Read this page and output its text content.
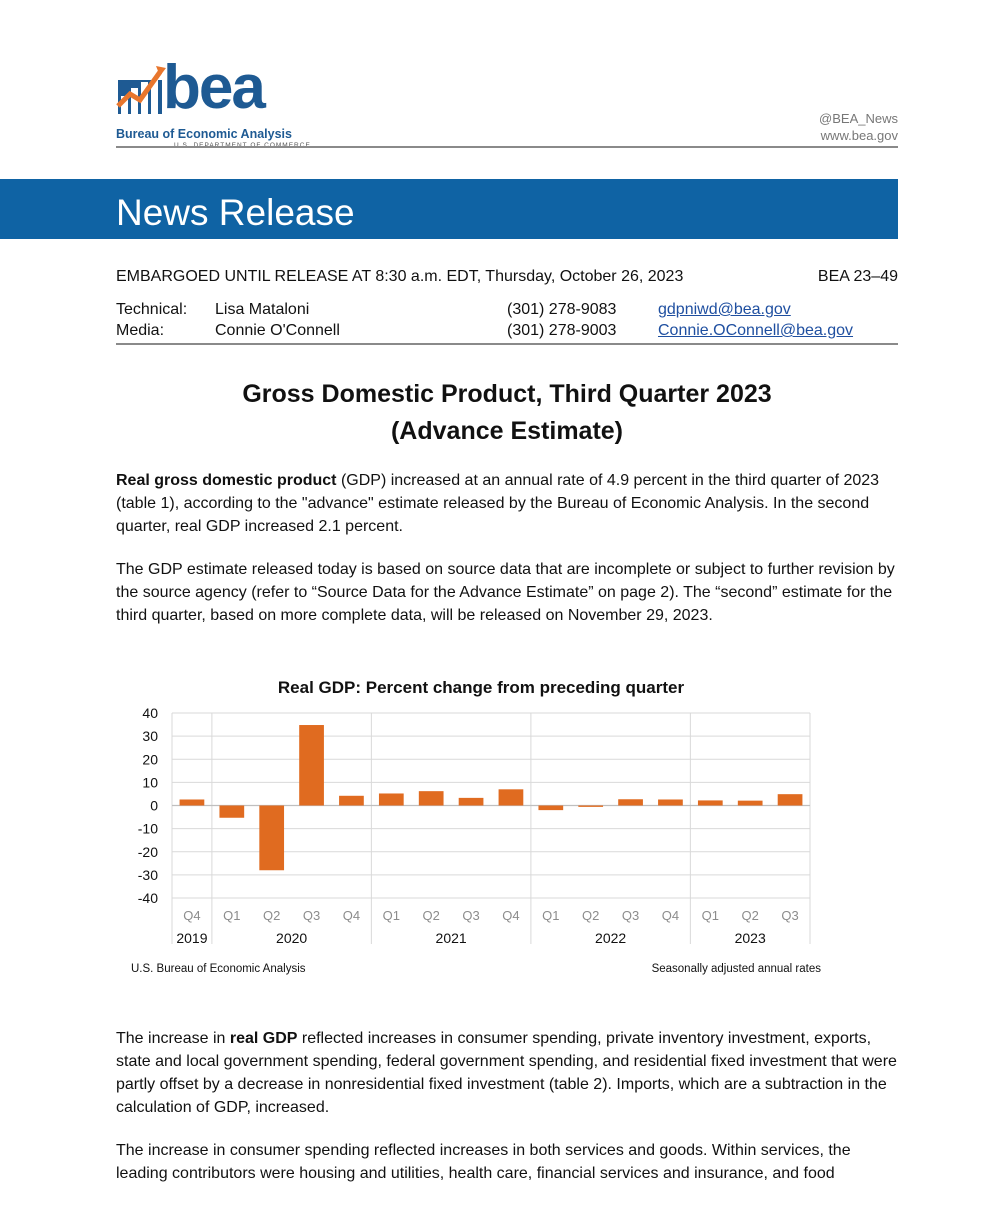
bea
Bureau of Economic Analysis
@BEA_News
www.bea.gov
News Release
EMBARGOED UNTIL RELEASE AT 8:30 a.m. EDT, Thursday, October 26, 2023	BEA 23–49
Technical: Lisa Mataloni	(301) 278-9083	gdpniwd@bea.gov
Media:	Connie O'Connell	(301) 278-9003	Connie.OConnell@bea.gov
Gross Domestic Product, Third Quarter 2023
(Advance Estimate)
Real gross domestic product (GDP) increased at an annual rate of 4.9 percent in the third quarter of 2023 (table 1), according to the "advance" estimate released by the Bureau of Economic Analysis. In the second quarter, real GDP increased 2.1 percent.
The GDP estimate released today is based on source data that are incomplete or subject to further revision by the source agency (refer to “Source Data for the Advance Estimate” on page 2). The “second” estimate for the third quarter, based on more complete data, will be released on November 29, 2023.
Real GDP: Percent change from preceding quarter
40
30
20
10
0
-10
-20
-30
-40
Q4 Q1 Q2 Q3 Q4 Q1 Q2 Q3 Q4 Q1 Q2 Q3 Q4 Q1 Q2 Q3
2019	2020	2021	2022	2023
U.S. Bureau of Economic Analysis	Seasonally adjusted annual rates
The increase in real GDP reflected increases in consumer spending, private inventory investment, exports, state and local government spending, federal government spending, and residential fixed investment that were partly offset by a decrease in nonresidential fixed investment (table 2). Imports, which are a subtraction in the calculation of GDP, increased.
The increase in consumer spending reflected increases in both services and goods. Within services, the leading contributors were housing and utilities, health care, financial services and insurance, and food
